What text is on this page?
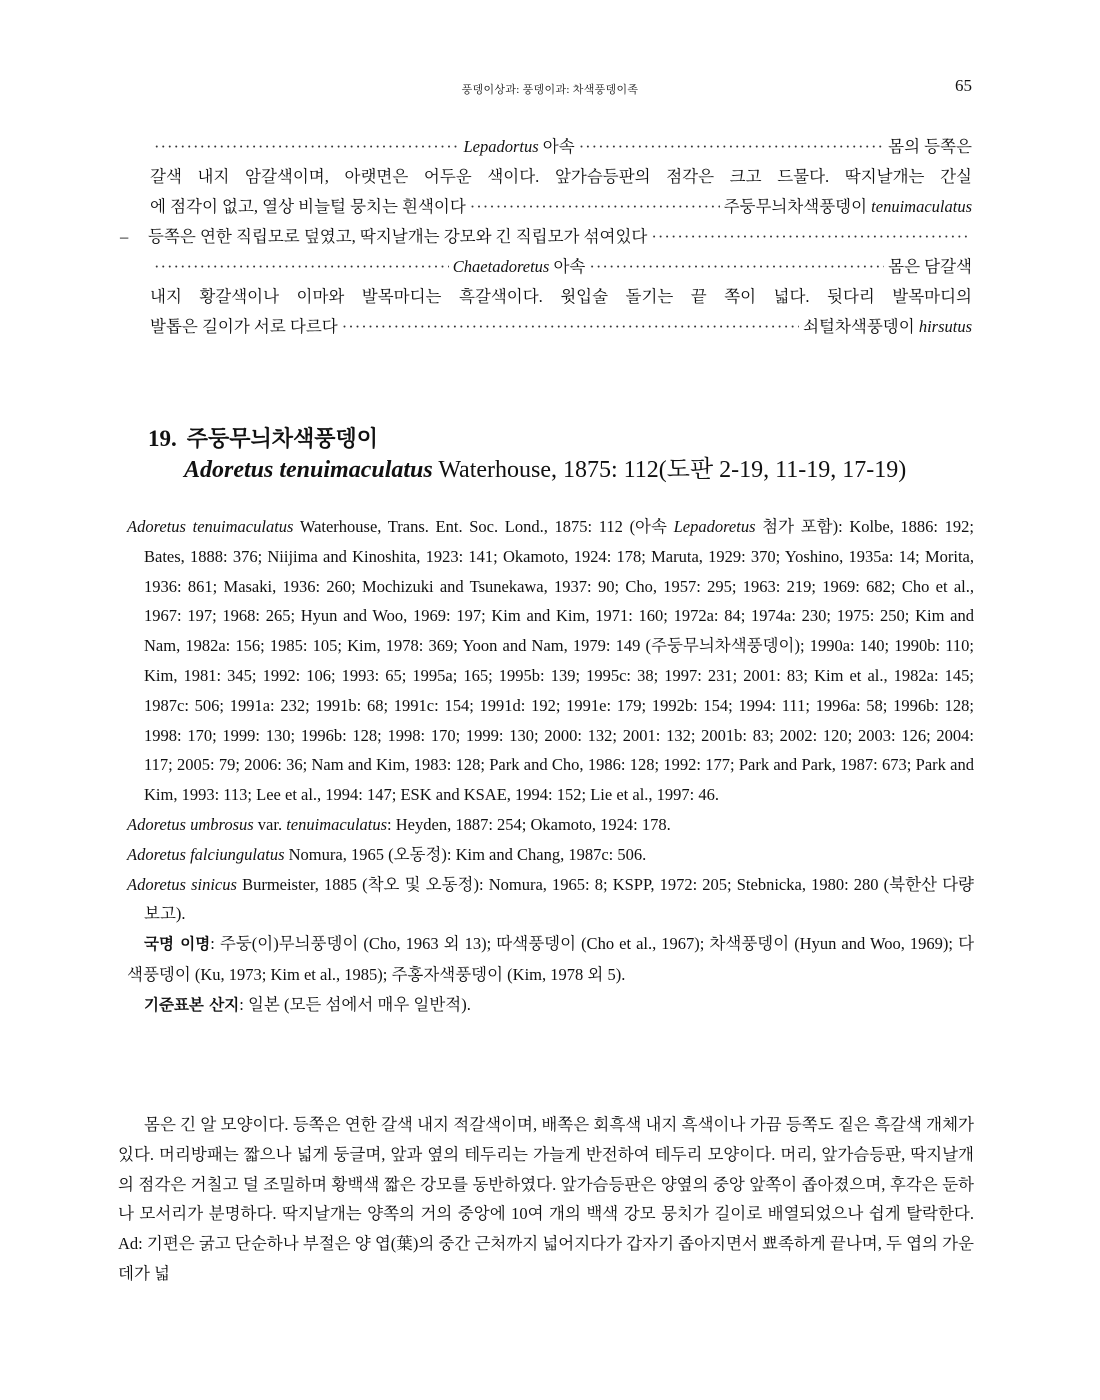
풍뎅이상과: 풍뎅이과: 차색풍뎅이족	65
·····
Lepadortus 아속 ·····	몸의 등쪽은
갈색 내지 암갈색이며, 아랫면은 어두운 색이다. 앞가슴등판의 점각은 크고 드물다. 딱지날개는 간실
에 점각이 없고, 열상 비늘털 뭉치는 흰색이다 ·····	주둥무늬차색풍뎅이 tenuimaculatus
–	등쪽은 연한 직립모로 덮였고, 딱지날개는 강모와 긴 직립모가 섞여있다
·····
·····
Chaetadoretus 아속 ·····	몸은 담갈색
내지 황갈색이나 이마와 발목마디는 흑갈색이다. 윗입술 돌기는 끝 쪽이 넓다. 뒷다리 발목마디의
발톱은 길이가 서로 다르다 ·····	쇠털차색풍뎅이 hirsutus
19. 주둥무늬차색풍뎅이
Adoretus tenuimaculatus Waterhouse, 1875: 112(도판 2-19, 11-19, 17-19)
Adoretus tenuimaculatus Waterhouse, Trans. Ent. Soc. Lond., 1875: 112 (아속 Lepadoretus 첨가 포함): Kolbe, 1886: 192; Bates, 1888: 376; Niijima and Kinoshita, 1923: 141; Okamoto, 1924: 178; Maruta, 1929: 370; Yoshino, 1935a: 14; Morita, 1936: 861; Masaki, 1936: 260; Mochizuki and Tsunekawa, 1937: 90; Cho, 1957: 295; 1963: 219; 1969: 682; Cho et al., 1967: 197; 1968: 265; Hyun and Woo, 1969: 197; Kim and Kim, 1971: 160; 1972a: 84; 1974a: 230; 1975: 250; Kim and Nam, 1982a: 156; 1985: 105; Kim, 1978: 369; Yoon and Nam, 1979: 149 (주둥무늬차색풍뎅이); 1990a: 140; 1990b: 110; Kim, 1981: 345; 1992: 106; 1993: 65; 1995a; 165; 1995b: 139; 1995c: 38; 1997: 231; 2001: 83; Kim et al., 1982a: 145; 1987c: 506; 1991a: 232; 1991b: 68; 1991c: 154; 1991d: 192; 1991e: 179; 1992b: 154; 1994: 111; 1996a: 58; 1996b: 128; 1998: 170; 1999: 130; 1996b: 128; 1998: 170; 1999: 130; 2000: 132; 2001: 132; 2001b: 83; 2002: 120; 2003: 126; 2004: 117; 2005: 79; 2006: 36; Nam and Kim, 1983: 128; Park and Cho, 1986: 128; 1992: 177; Park and Park, 1987: 673; Park and Kim, 1993: 113; Lee et al., 1994: 147; ESK and KSAE, 1994: 152; Lie et al., 1997: 46.
Adoretus umbrosus var. tenuimaculatus: Heyden, 1887: 254; Okamoto, 1924: 178.
Adoretus falciungulatus Nomura, 1965 (오동정): Kim and Chang, 1987c: 506.
Adoretus sinicus Burmeister, 1885 (착오 및 오동정): Nomura, 1965: 8; KSPP, 1972: 205; Stebnicka, 1980: 280 (북한산 다량 보고).
국명 이명: 주둥(이)무늬풍뎅이 (Cho, 1963 외 13); 따색풍뎅이 (Cho et al., 1967); 차색풍뎅이 (Hyun and Woo, 1969); 다색풍뎅이 (Ku, 1973; Kim et al., 1985); 주홍자색풍뎅이 (Kim, 1978 외 5).
기준표본 산지: 일본 (모든 섬에서 매우 일반적).
몸은 긴 알 모양이다. 등쪽은 연한 갈색 내지 적갈색이며, 배쪽은 회흑색 내지 흑색이나 가끔 등쪽도 짙은 흑갈색 개체가 있다. 머리방패는 짧으나 넓게 둥글며, 앞과 옆의 테두리는 가늘게 반전하여 테두리 모양이다. 머리, 앞가슴등판, 딱지날개의 점각은 거칠고 덜 조밀하며 황백색 짧은 강모를 동반하였다. 앞가슴등판은 양옆의 중앙 앞쪽이 좁아졌으며, 후각은 둔하나 모서리가 분명하다. 딱지날개는 양쪽의 거의 중앙에 10여 개의 백색 강모 뭉치가 길이로 배열되었으나 쉽게 탈락한다. Ad: 기편은 굵고 단순하나 부절은 양 엽(葉)의 중간 근처까지 넓어지다가 갑자기 좁아지면서 뾰족하게 끝나며, 두 엽의 가운데가 넓
